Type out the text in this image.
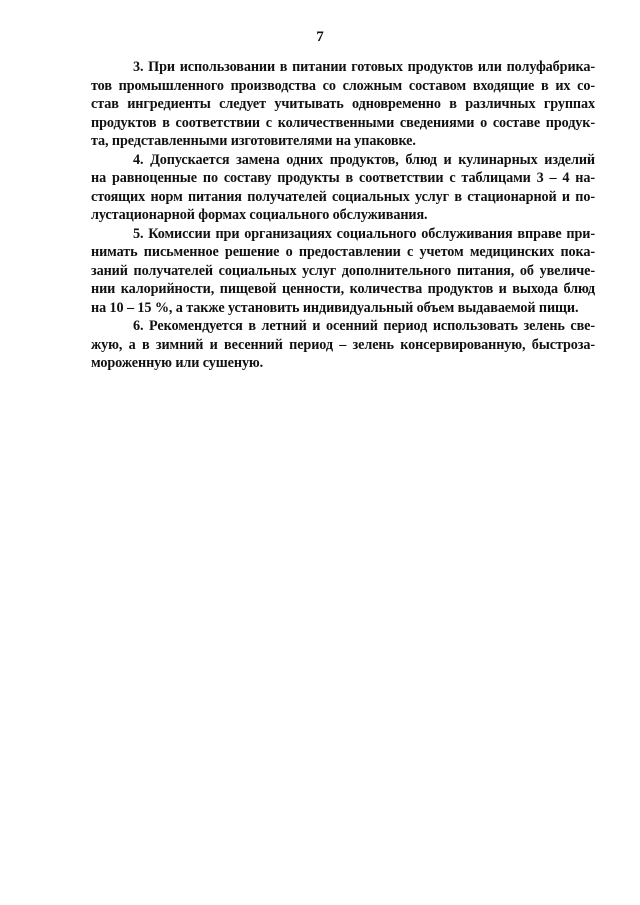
7
3. При использовании в питании готовых продуктов или полуфабрика-
тов промышленного производства со сложным составом входящие в их со-
став ингредиенты следует учитывать одновременно в различных группах
продуктов в соответствии с количественными сведениями о составе продук-
та, представленными изготовителями на упаковке.
4. Допускается замена одних продуктов, блюд и кулинарных изделий
на равноценные по составу продукты в соответствии с таблицами 3 – 4 на-
стоящих норм питания получателей социальных услуг в стационарной и по-
лустационарной формах социального обслуживания.
5. Комиссии при организациях социального обслуживания вправе при-
нимать письменное решение о предоставлении с учетом медицинских пока-
заний получателей социальных услуг дополнительного питания, об увеличе-
нии калорийности, пищевой ценности, количества продуктов и выхода блюд
на 10 – 15 %, а также установить индивидуальный объем выдаваемой пищи.
6. Рекомендуется в летний и осенний период использовать зелень све-
жую, а в зимний и весенний период – зелень консервированную, быстроза-
мороженную или сушеную.
